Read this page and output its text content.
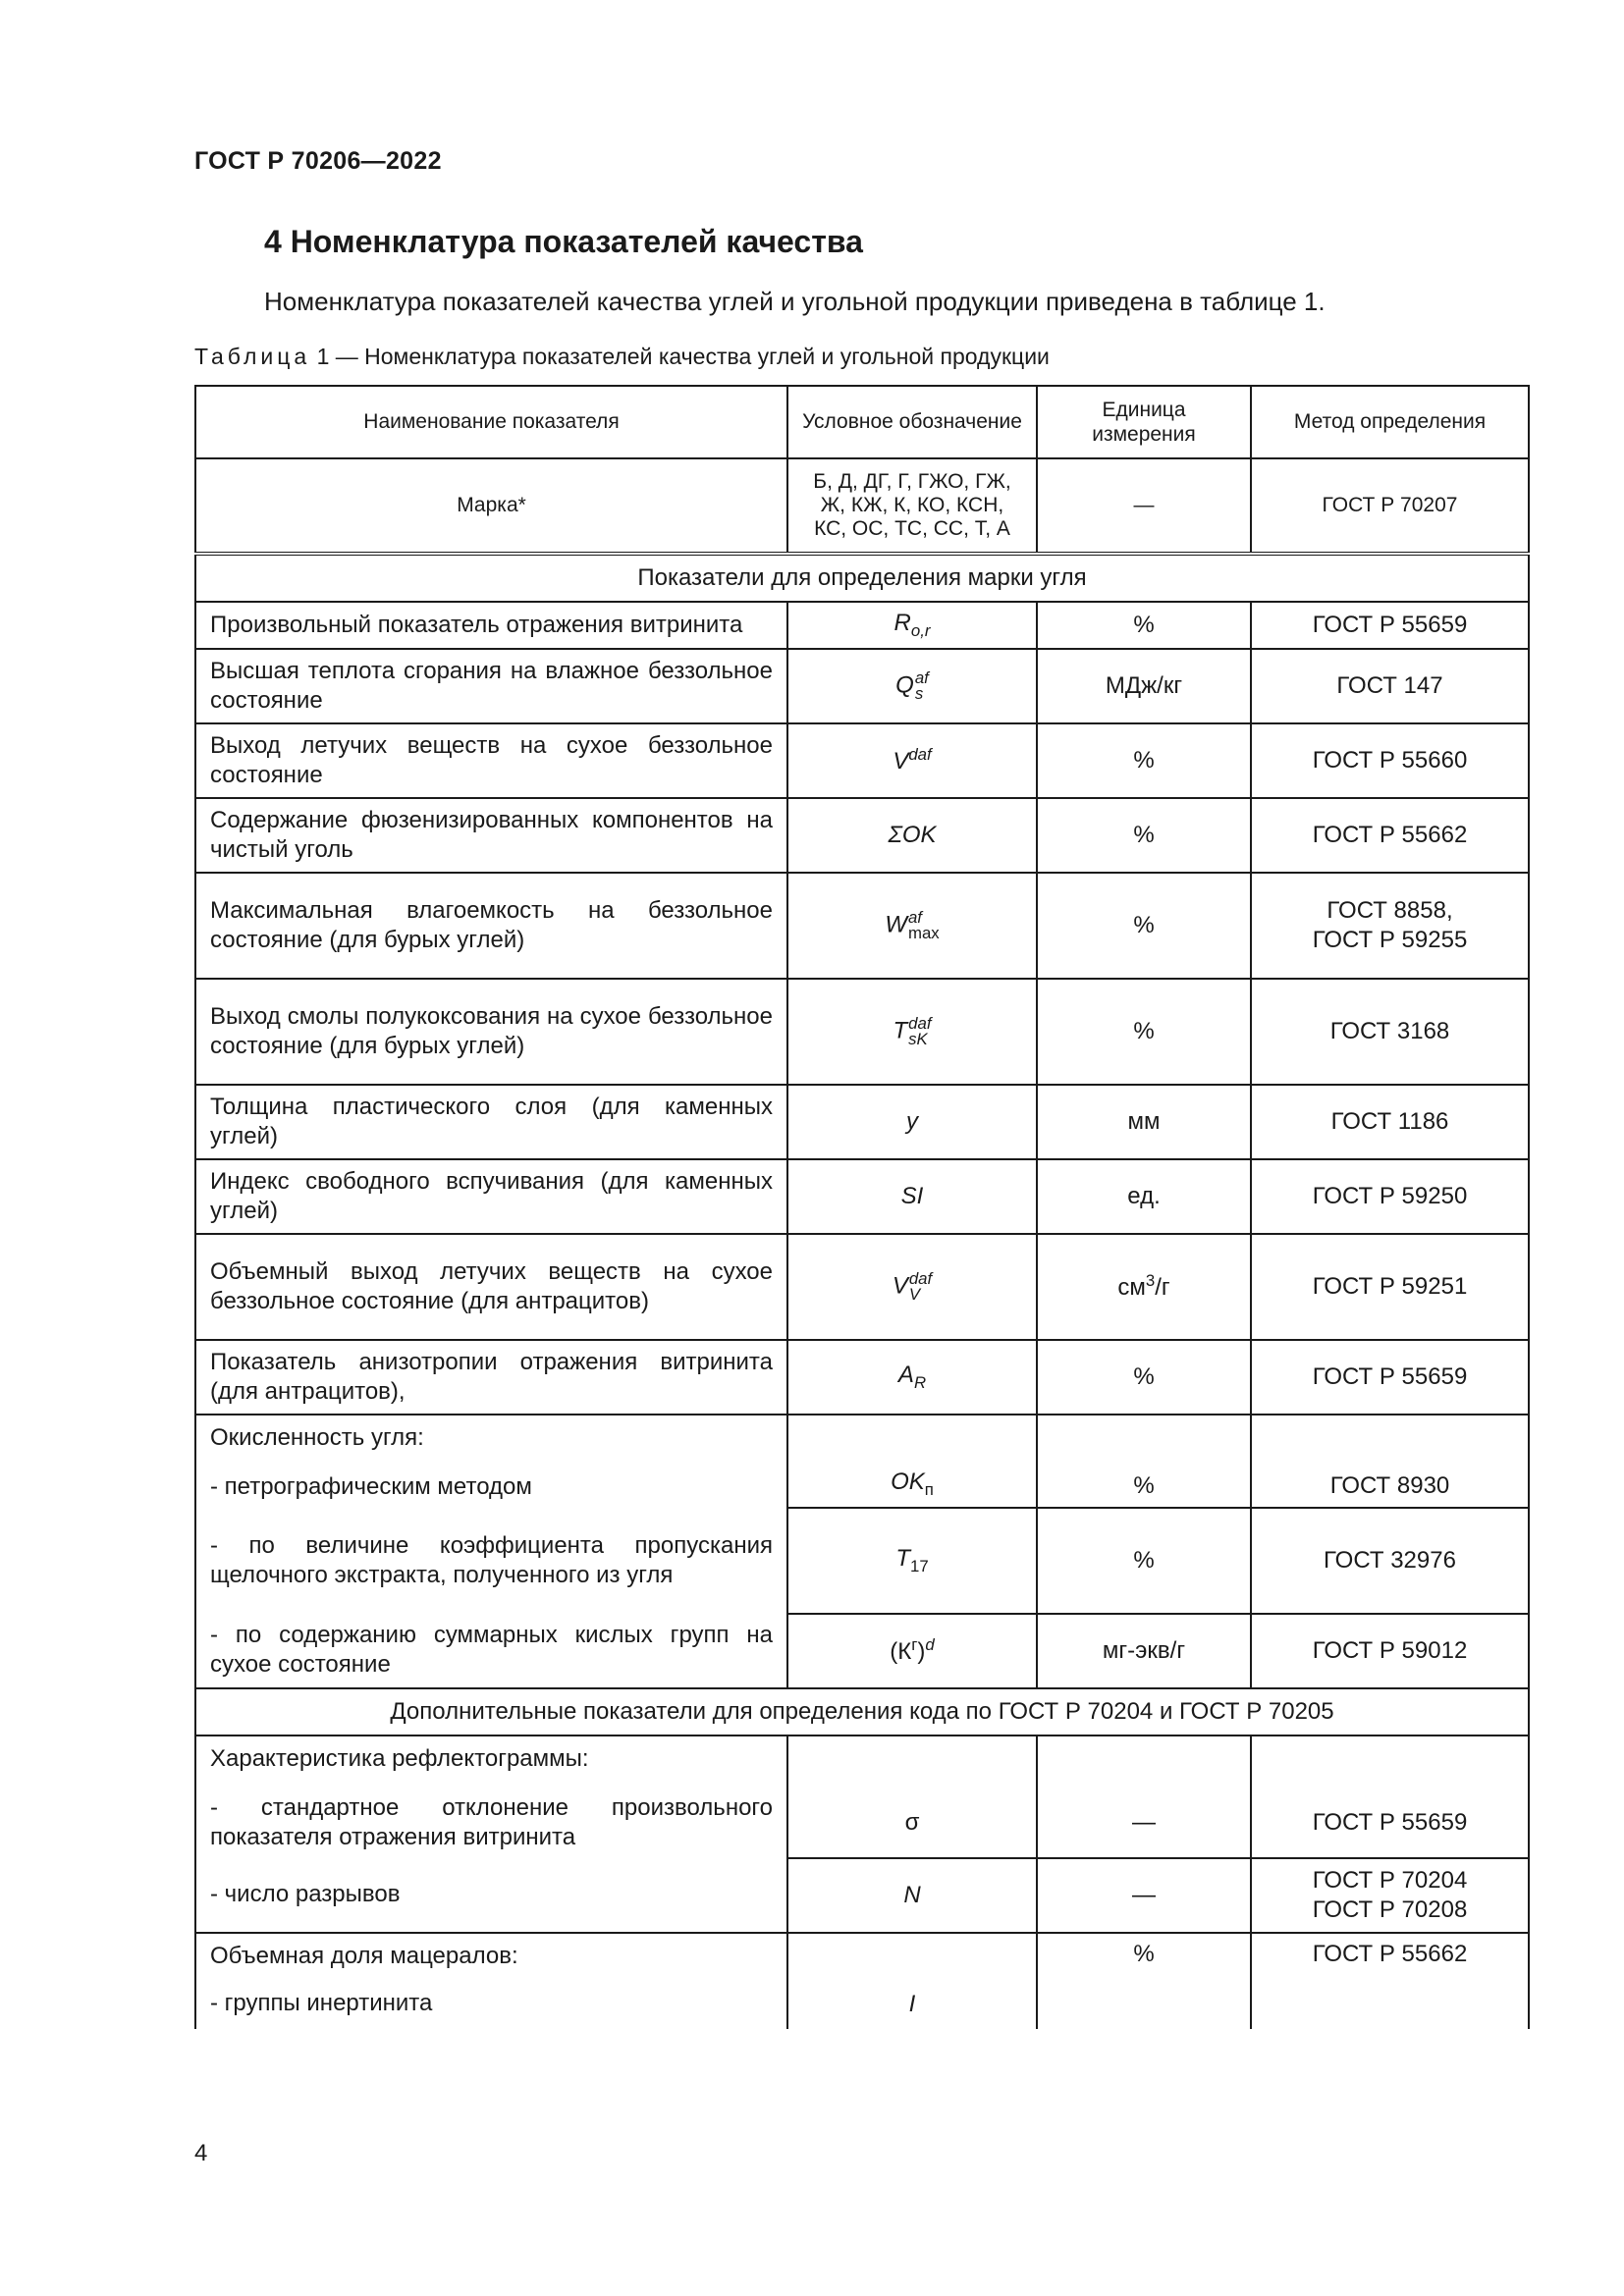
ГОСТ Р 70206—2022
4 Номенклатура показателей качества
Номенклатура показателей качества углей и угольной продукции приведена в таблице 1.
Таблица 1 — Номенклатура показателей качества углей и угольной продукции
Наименование показателя	Условное обозначение	Единица измерения	Метод определения
Марка*	Б, Д, ДГ, Г, ГЖО, ГЖ,
Ж, КЖ, К, КО, КСН,
КС, ОС, ТС, СС, Т, А	—	ГОСТ Р 70207
Показатели для определения марки угля			
Произвольный показатель отражения витринита	$R_{o,r}$	%	ГОСТ Р 55659
Высшая теплота сгорания на влажное беззольное состояние	Q af
s	МДж/кг	ГОСТ 147
Выход летучих веществ на сухое беззольное состояние	$V^{daf}$	%	ГОСТ Р 55660
Содержание фюзенизированных компонентов на чистый уголь	ΣOK	%	ГОСТ Р 55662
Максимальная влагоемкость на беззольное состояние (для бурых углей)	W af
max	%	ГОСТ 8858,
ГОСТ Р 59255

Выход смолы полукоксования на сухое беззольное состояние (для бурых углей)	T daf
sK	%	ГОСТ 3168
Толщина пластического слоя (для каменных углей)	y	мм	ГОСТ 1186
Индекс свободного вспучивания (для каменных углей)	SI	ед.	ГОСТ Р 59250
Объемный выход летучих веществ на сухое беззольное состояние (для антрацитов)	V daf
V	$см^3/г$	ГОСТ Р 59251
Показатель анизотропии отражения витринита (для антрацитов),	$A_R$	%	ГОСТ Р 55659

Окисленность угля:
- петрографическим методом	$OK_п$	%	ГОСТ 8930
- по величине коэффициента пропускания щелочного экстракта, полученного из угля	$T_{17}$	%	ГОСТ 32976
- по содержанию суммарных кислых групп на сухое состояние	$(К^г)^d$	мг-экв/г	ГОСТ Р 59012
Дополнительные показатели для определения кода по ГОСТ Р 70204 и ГОСТ Р 70205			

Характеристика рефлектограммы:
- стандартное отклонение произвольного показателя отражения витринита	σ	—	ГОСТ Р 55659
- число разрывов	N	—	ГОСТ Р 70204
ГОСТ Р 70208

Объемная доля мацералов:
- группы инертинита	I	%	ГОСТ Р 55662
4
